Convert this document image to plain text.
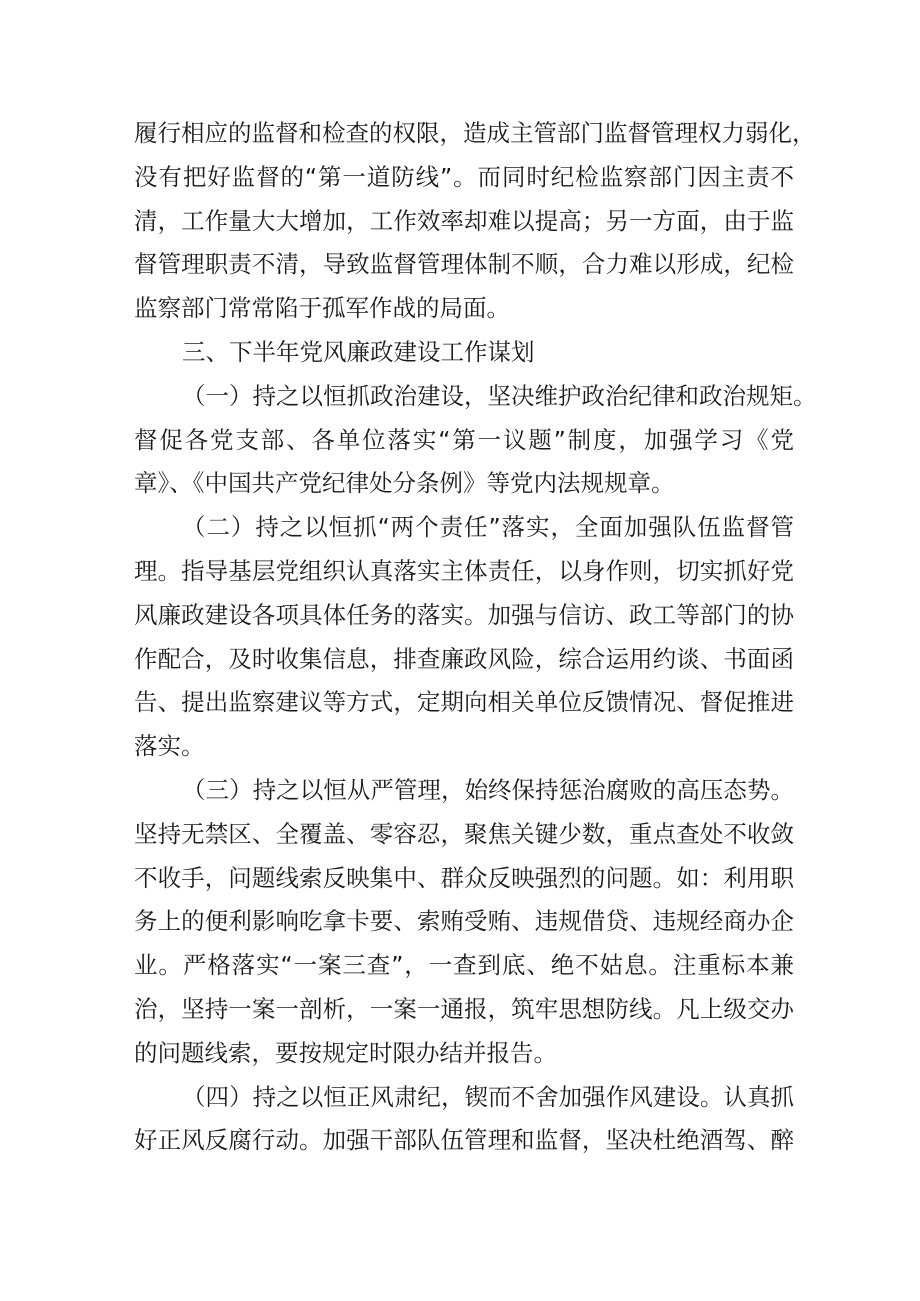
履行相应的监督和检查的权限，造成主管部门监督管理权力弱化，
没有把好监督的“第一道防线”。而同时纪检监察部门因主责不
清，工作量大大增加，工作效率却难以提高；另一方面，由于监
督管理职责不清，导致监督管理体制不顺，合力难以形成，纪检
监察部门常常陷于孤军作战的局面。
三、下半年党风廉政建设工作谋划
（一）持之以恒抓政治建设，坚决维护政治纪律和政治规矩。
督促各党支部、各单位落实“第一议题”制度，加强学习《党
章》、《中国共产党纪律处分条例》等党内法规规章。
（二）持之以恒抓“两个责任”落实，全面加强队伍监督管
理。指导基层党组织认真落实主体责任，以身作则，切实抓好党
风廉政建设各项具体任务的落实。加强与信访、政工等部门的协
作配合，及时收集信息，排查廉政风险，综合运用约谈、书面函
告、提出监察建议等方式，定期向相关单位反馈情况、督促推进
落实。
（三）持之以恒从严管理，始终保持惩治腐败的高压态势。
坚持无禁区、全覆盖、零容忍，聚焦关键少数，重点查处不收敛
不收手，问题线索反映集中、群众反映强烈的问题。如：利用职
务上的便利影响吃拿卡要、索贿受贿、违规借贷、违规经商办企
业。严格落实“一案三查”，一查到底、绝不姑息。注重标本兼
治，坚持一案一剖析，一案一通报，筑牢思想防线。凡上级交办
的问题线索，要按规定时限办结并报告。
（四）持之以恒正风肃纪，锲而不舍加强作风建设。认真抓
好正风反腐行动。加强干部队伍管理和监督，坚决杜绝酒驾、醉
